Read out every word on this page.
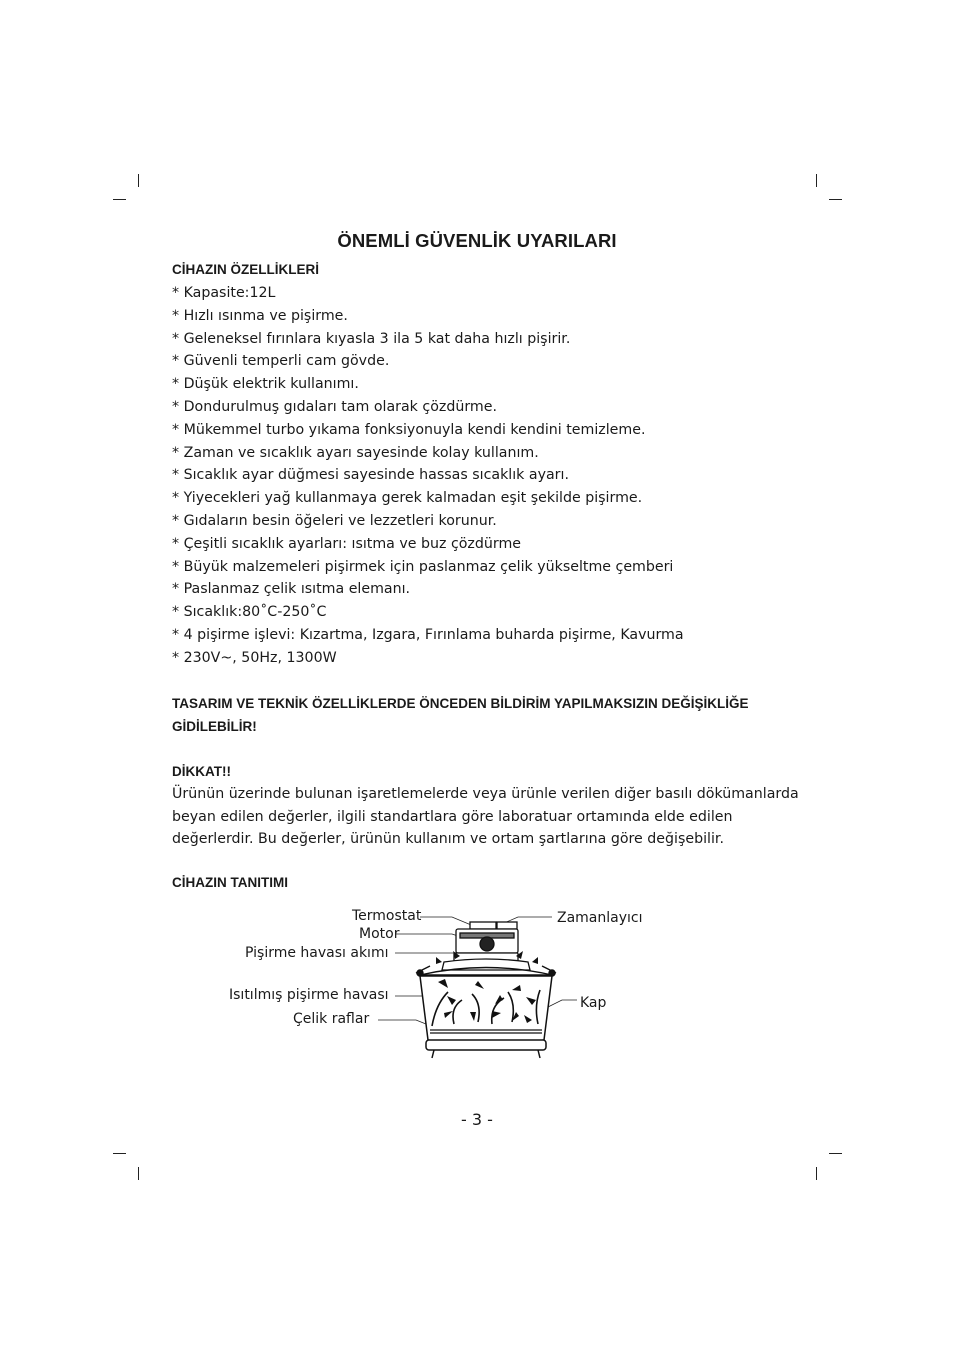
ÖNEMLİ GÜVENLİK UYARILARI
CİHAZIN ÖZELLİKLERİ
* Kapasite:12L
* Hızlı ısınma ve pişirme.
* Geleneksel fırınlara kıyasla 3 ila 5 kat daha hızlı pişirir.
* Güvenli temperli cam gövde.
* Düşük elektrik kullanımı.
* Dondurulmuş gıdaları tam olarak çözdürme.
* Mükemmel turbo yıkama fonksiyonuyla kendi kendini temizleme.
* Zaman ve sıcaklık ayarı sayesinde kolay kullanım.
* Sıcaklık ayar düğmesi sayesinde hassas sıcaklık ayarı.
* Yiyecekleri yağ kullanmaya gerek kalmadan eşit şekilde pişirme.
* Gıdaların besin öğeleri ve lezzetleri korunur.
* Çeşitli sıcaklık ayarları: ısıtma ve buz çözdürme
* Büyük malzemeleri pişirmek için paslanmaz çelik yükseltme çemberi
* Paslanmaz çelik ısıtma elemanı.
* Sıcaklık:80˚C-250˚C
* 4 pişirme işlevi: Kızartma, Izgara, Fırınlama buharda pişirme, Kavurma
* 230V~, 50Hz, 1300W
TASARIM VE TEKNİK ÖZELLİKLERDE ÖNCEDEN BİLDİRİM YAPILMAKSIZIN DEĞİŞİKLİĞE
GİDİLEBİLİR!
DİKKAT!!

Ürünün üzerinde bulunan işaretlemelerde veya ürünle verilen diğer basılı dökümanlarda
beyan edilen değerler, ilgili standartlara göre laboratuar ortamında elde edilen
değerlerdir. Bu değerler, ürünün kullanım ve ortam şartlarına göre değişebilir.

CİHAZIN TANITIMI
Termostat
Motor
Pişirme havası akımı
Isıtılmış pişirme havası
Çelik raflar
Zamanlayıcı
Kap
- 3 -
